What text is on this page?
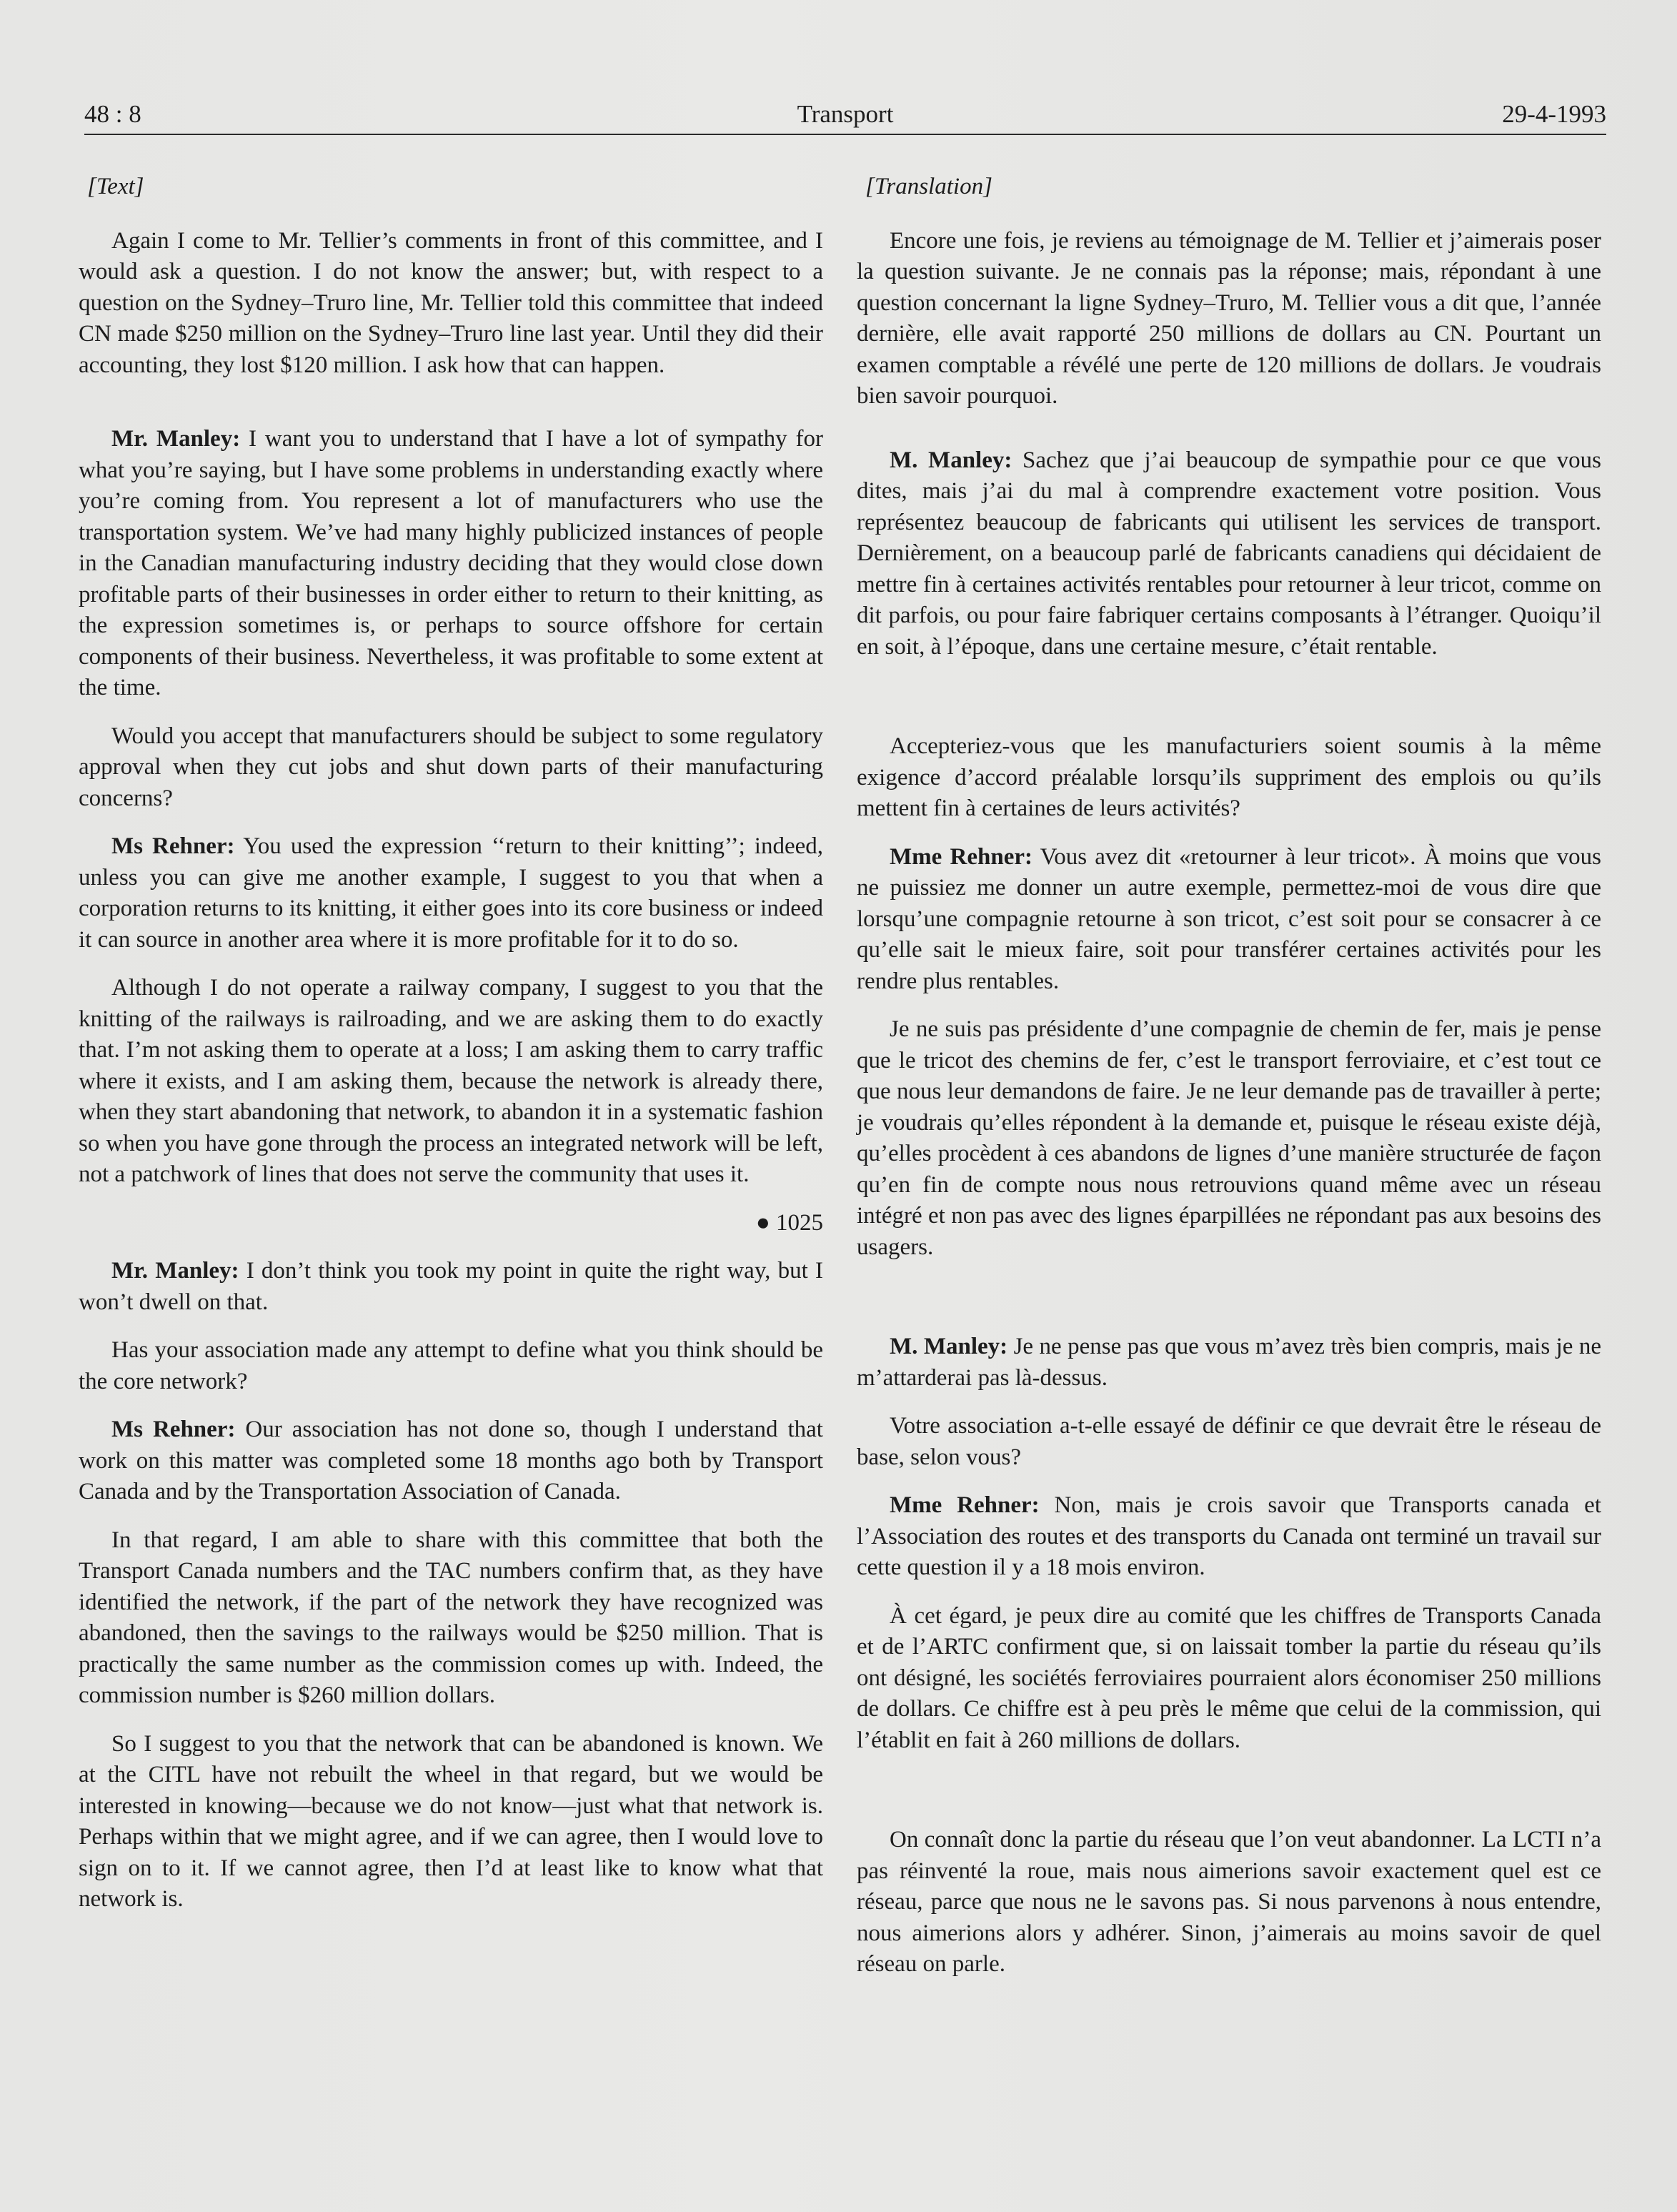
Transport
48 : 8	29-4-1993

[Text]

Again I come to Mr. Tellier’s comments in front of this committee, and I would ask a question. I do not know the answer; but, with respect to a question on the Sydney–Truro line, Mr. Tellier told this committee that indeed CN made $250 million on the Sydney–Truro line last year. Until they did their accounting, they lost $120 million. I ask how that can happen.

Mr. Manley: I want you to understand that I have a lot of sympathy for what you’re saying, but I have some problems in understanding exactly where you’re coming from. You represent a lot of manufacturers who use the transportation system. We’ve had many highly publicized instances of people in the Canadian manufacturing industry deciding that they would close down profitable parts of their businesses in order either to return to their knitting, as the expression sometimes is, or perhaps to source offshore for certain components of their business. Nevertheless, it was profitable to some extent at the time.

Would you accept that manufacturers should be subject to some regulatory approval when they cut jobs and shut down parts of their manufacturing concerns?

Ms Rehner: You used the expression ‘‘return to their knitting’’; indeed, unless you can give me another example, I suggest to you that when a corporation returns to its knitting, it either goes into its core business or indeed it can source in another area where it is more profitable for it to do so.

Although I do not operate a railway company, I suggest to you that the knitting of the railways is railroading, and we are asking them to do exactly that. I’m not asking them to operate at a loss; I am asking them to carry traffic where it exists, and I am asking them, because the network is already there, when they start abandoning that network, to abandon it in a systematic fashion so when you have gone through the process an integrated network will be left, not a patchwork of lines that does not serve the community that uses it.

● 1025

Mr. Manley: I don’t think you took my point in quite the right way, but I won’t dwell on that.

Has your association made any attempt to define what you think should be the core network?

Ms Rehner: Our association has not done so, though I understand that work on this matter was completed some 18 months ago both by Transport Canada and by the Transportation Association of Canada.

In that regard, I am able to share with this committee that both the Transport Canada numbers and the TAC numbers confirm that, as they have identified the network, if the part of the network they have recognized was abandoned, then the savings to the railways would be $250 million. That is practically the same number as the commission comes up with. Indeed, the commission number is $260 million dollars.

So I suggest to you that the network that can be abandoned is known. We at the CITL have not rebuilt the wheel in that regard, but we would be interested in knowing—because we do not know—just what that network is. Perhaps within that we might agree, and if we can agree, then I would love to sign on to it. If we cannot agree, then I’d at least like to know what that network is.

[Translation]

Encore une fois, je reviens au témoignage de M. Tellier et j’aimerais poser la question suivante. Je ne connais pas la réponse; mais, répondant à une question concernant la ligne Sydney–Truro, M. Tellier vous a dit que, l’année dernière, elle avait rapporté 250 millions de dollars au CN. Pourtant un examen comptable a révélé une perte de 120 millions de dollars. Je voudrais bien savoir pourquoi.

M. Manley: Sachez que j’ai beaucoup de sympathie pour ce que vous dites, mais j’ai du mal à comprendre exactement votre position. Vous représentez beaucoup de fabricants qui utilisent les services de transport. Dernièrement, on a beaucoup parlé de fabricants canadiens qui décidaient de mettre fin à certaines activités rentables pour retourner à leur tricot, comme on dit parfois, ou pour faire fabriquer certains composants à l’étranger. Quoiqu’il en soit, à l’époque, dans une certaine mesure, c’était rentable.

Accepteriez-vous que les manufacturiers soient soumis à la même exigence d’accord préalable lorsqu’ils suppriment des emplois ou qu’ils mettent fin à certaines de leurs activités?

Mme Rehner: Vous avez dit «retourner à leur tricot». À moins que vous ne puissiez me donner un autre exemple, permettez-moi de vous dire que lorsqu’une compagnie retourne à son tricot, c’est soit pour se consacrer à ce qu’elle sait le mieux faire, soit pour transférer certaines activités pour les rendre plus rentables.

Je ne suis pas présidente d’une compagnie de chemin de fer, mais je pense que le tricot des chemins de fer, c’est le transport ferroviaire, et c’est tout ce que nous leur demandons de faire. Je ne leur demande pas de travailler à perte; je voudrais qu’elles répondent à la demande et, puisque le réseau existe déjà, qu’elles procèdent à ces abandons de lignes d’une manière structurée de façon qu’en fin de compte nous nous retrouvions quand même avec un réseau intégré et non pas avec des lignes éparpillées ne répondant pas aux besoins des usagers.

M. Manley: Je ne pense pas que vous m’avez très bien compris, mais je ne m’attarderai pas là-dessus.

Votre association a-t-elle essayé de définir ce que devrait être le réseau de base, selon vous?

Mme Rehner: Non, mais je crois savoir que Transports canada et l’Association des routes et des transports du Canada ont terminé un travail sur cette question il y a 18 mois environ.

À cet égard, je peux dire au comité que les chiffres de Transports Canada et de l’ARTC confirment que, si on laissait tomber la partie du réseau qu’ils ont désigné, les sociétés ferroviaires pourraient alors économiser 250 millions de dollars. Ce chiffre est à peu près le même que celui de la commission, qui l’établit en fait à 260 millions de dollars.

On connaît donc la partie du réseau que l’on veut abandonner. La LCTI n’a pas réinventé la roue, mais nous aimerions savoir exactement quel est ce réseau, parce que nous ne le savons pas. Si nous parvenons à nous entendre, nous aimerions alors y adhérer. Sinon, j’aimerais au moins savoir de quel réseau on parle.
